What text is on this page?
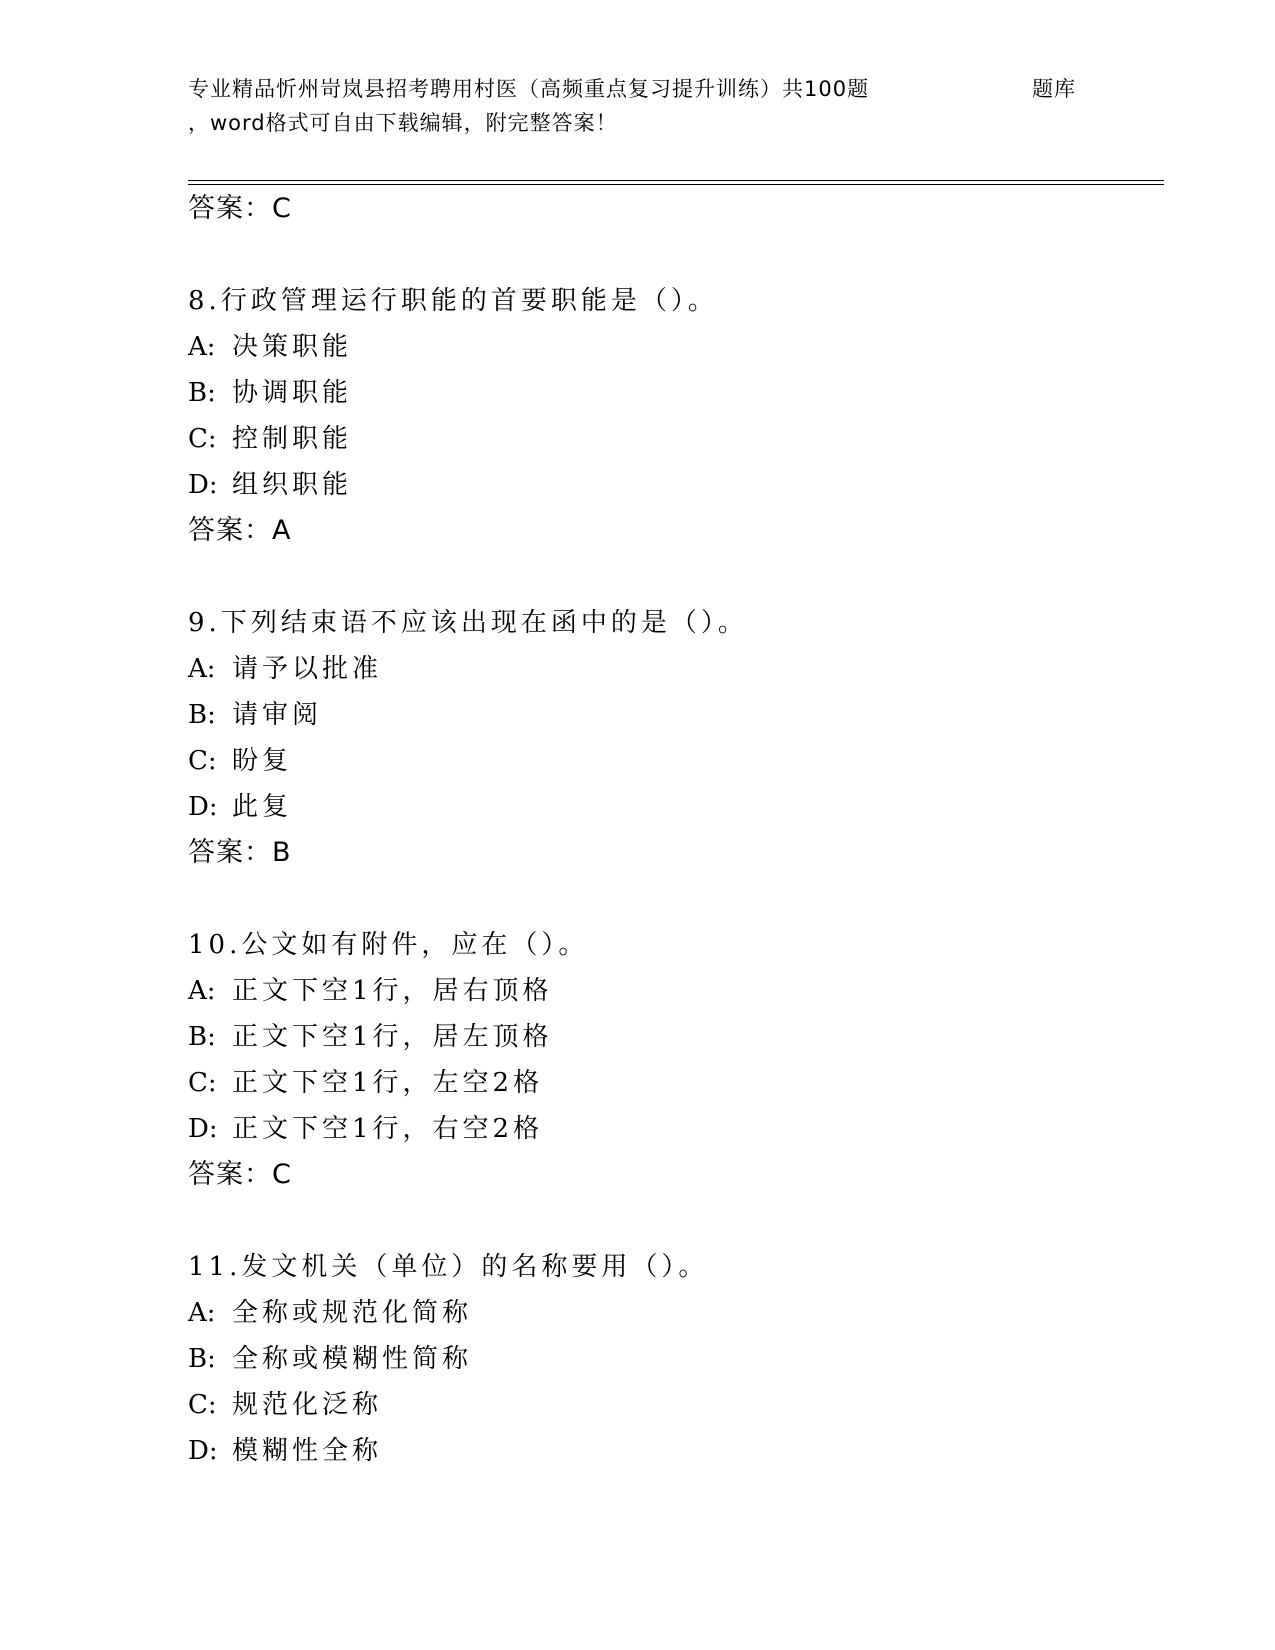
专业精品忻州岢岚县招考聘用村医（高频重点复习提升训练）共100题	题库
，word格式可自由下载编辑，附完整答案！
答案：C
8.行政管理运行职能的首要职能是（）。
A: 决策职能
B: 协调职能
C: 控制职能
D: 组织职能
答案：A
9.下列结束语不应该出现在函中的是（）。
A: 请予以批准
B: 请审阅
C: 盼复
D: 此复
答案：B
10.公文如有附件，应在（）。
A: 正文下空1行，居右顶格
B: 正文下空1行，居左顶格
C: 正文下空1行，左空2格
D: 正文下空1行，右空2格
答案：C
11.发文机关（单位）的名称要用（）。
A: 全称或规范化简称
B: 全称或模糊性简称
C: 规范化泛称
D: 模糊性全称
